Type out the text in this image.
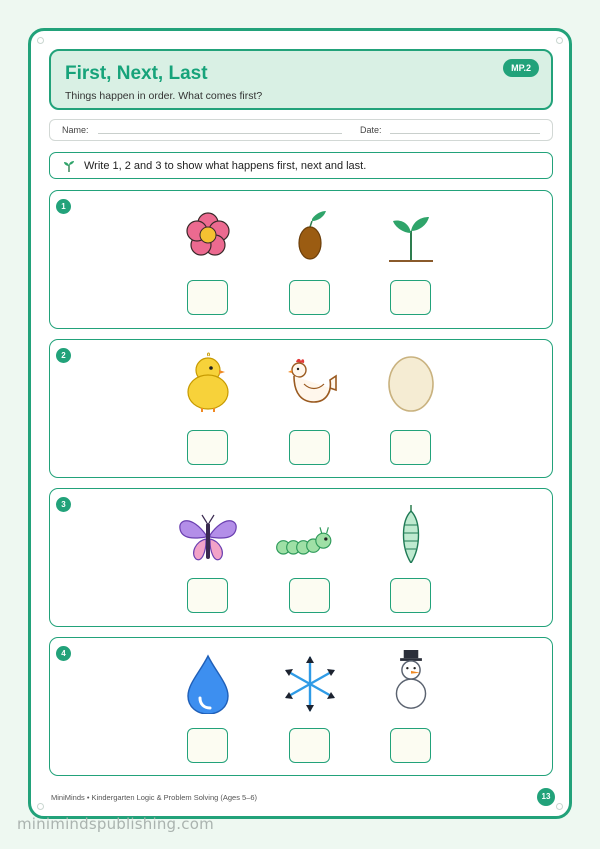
First, Next, Last
Things happen in order. What comes first?
MP.2
Name:	Date:
Write 1, 2 and 3 to show what happens first, next and last.
1
2
3
4
MiniMinds • Kindergarten Logic & Problem Solving (Ages 5–6)	13
miniminds​publishing.com
